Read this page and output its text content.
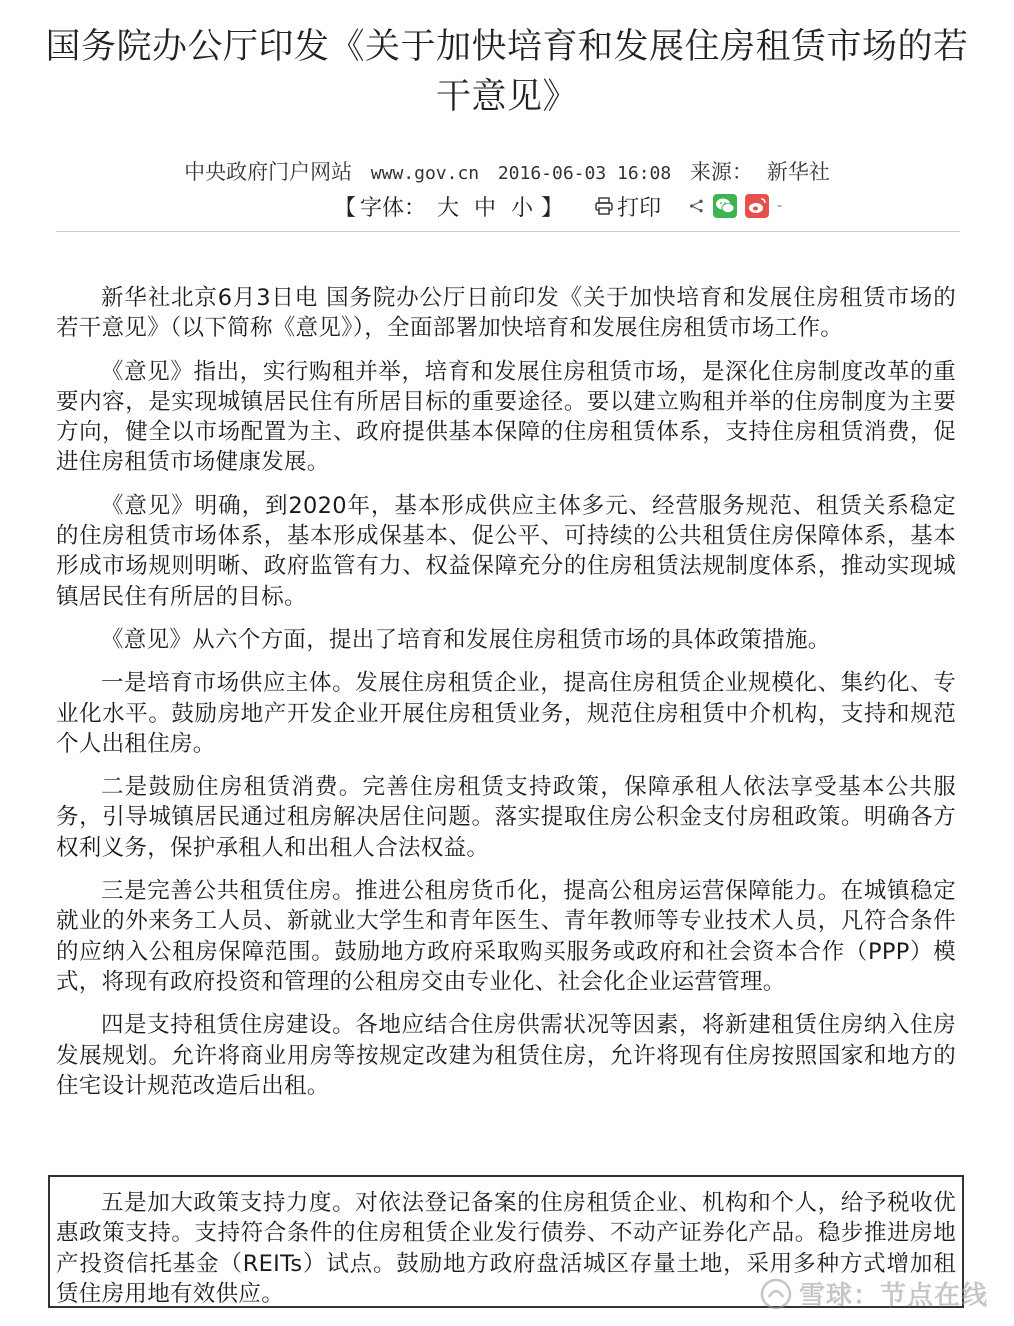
国务院办公厅印发《关于加快培育和发展住房租赁市场的若干意见》
中央政府门户网站 www.gov.cn 2016-06-03 16:08 来源： 新华社
【 字体： 大 中 小 】 打印	-

新华社北京6月3日电 国务院办公厅日前印发《关于加快培育和发展住房租赁市场的若干意见》（以下简称《意见》），全面部署加快培育和发展住房租赁市场工作。

《意见》指出，实行购租并举，培育和发展住房租赁市场，是深化住房制度改革的重要内容，是实现城镇居民住有所居目标的重要途径。要以建立购租并举的住房制度为主要方向，健全以市场配置为主、政府提供基本保障的住房租赁体系，支持住房租赁消费，促进住房租赁市场健康发展。

《意见》明确，到2020年，基本形成供应主体多元、经营服务规范、租赁关系稳定的住房租赁市场体系，基本形成保基本、促公平、可持续的公共租赁住房保障体系，基本形成市场规则明晰、政府监管有力、权益保障充分的住房租赁法规制度体系，推动实现城镇居民住有所居的目标。

《意见》从六个方面，提出了培育和发展住房租赁市场的具体政策措施。

一是培育市场供应主体。发展住房租赁企业，提高住房租赁企业规模化、集约化、专业化水平。鼓励房地产开发企业开展住房租赁业务，规范住房租赁中介机构，支持和规范个人出租住房。

二是鼓励住房租赁消费。完善住房租赁支持政策，保障承租人依法享受基本公共服务，引导城镇居民通过租房解决居住问题。落实提取住房公积金支付房租政策。明确各方权利义务，保护承租人和出租人合法权益。

三是完善公共租赁住房。推进公租房货币化，提高公租房运营保障能力。在城镇稳定就业的外来务工人员、新就业大学生和青年医生、青年教师等专业技术人员，凡符合条件的应纳入公租房保障范围。鼓励地方政府采取购买服务或政府和社会资本合作（PPP）模式，将现有政府投资和管理的公租房交由专业化、社会化企业运营管理。

四是支持租赁住房建设。各地应结合住房供需状况等因素，将新建租赁住房纳入住房发展规划。允许将商业用房等按规定改建为租赁住房，允许将现有住房按照国家和地方的住宅设计规范改造后出租。

五是加大政策支持力度。对依法登记备案的住房租赁企业、机构和个人，给予税收优惠政策支持。支持符合条件的住房租赁企业发行债券、不动产证券化产品。稳步推进房地产投资信托基金（REITs）试点。鼓励地方政府盘活城区存量土地，采用多种方式增加租赁住房用地有效供应。	雪球：节点在线
